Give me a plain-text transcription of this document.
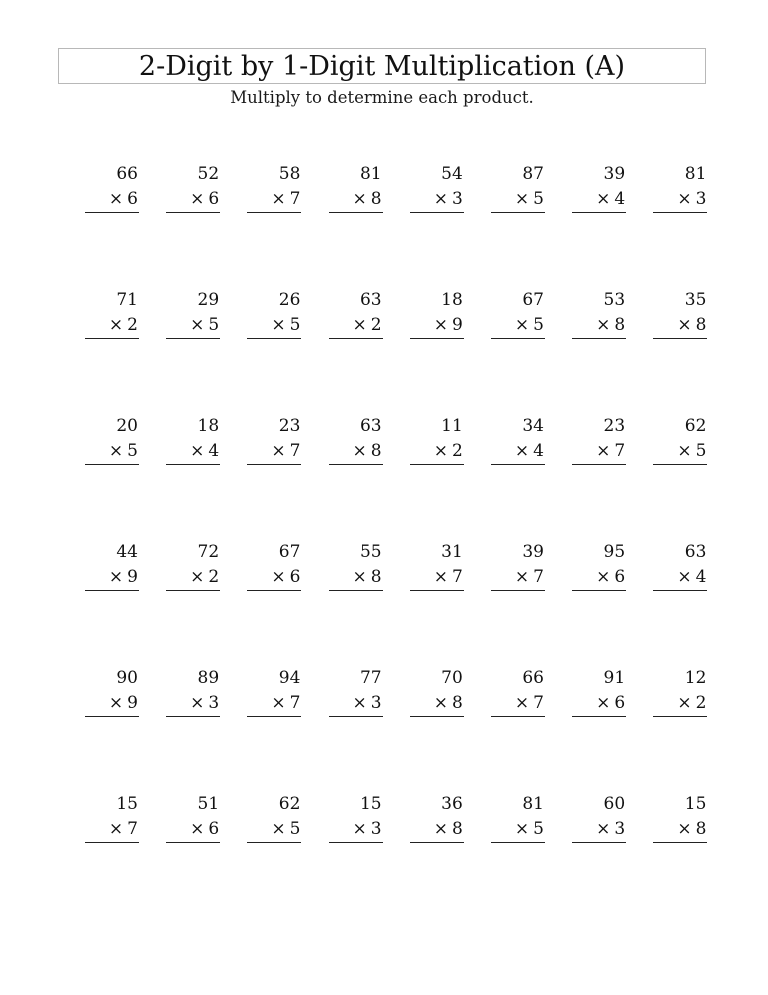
2-Digit by 1-Digit Multiplication (A)
Multiply to determine each product.
66
× 6
52
× 6
58
× 7
81
× 8
54
× 3
87
× 5
39
× 4
81
× 3
71
× 2
29
× 5
26
× 5
63
× 2
18
× 9
67
× 5
53
× 8
35
× 8
20
× 5
18
× 4
23
× 7
63
× 8
11
× 2
34
× 4
23
× 7
62
× 5
44
× 9
72
× 2
67
× 6
55
× 8
31
× 7
39
× 7
95
× 6
63
× 4
90
× 9
89
× 3
94
× 7
77
× 3
70
× 8
66
× 7
91
× 6
12
× 2
15
× 7
51
× 6
62
× 5
15
× 3
36
× 8
81
× 5
60
× 3
15
× 8
